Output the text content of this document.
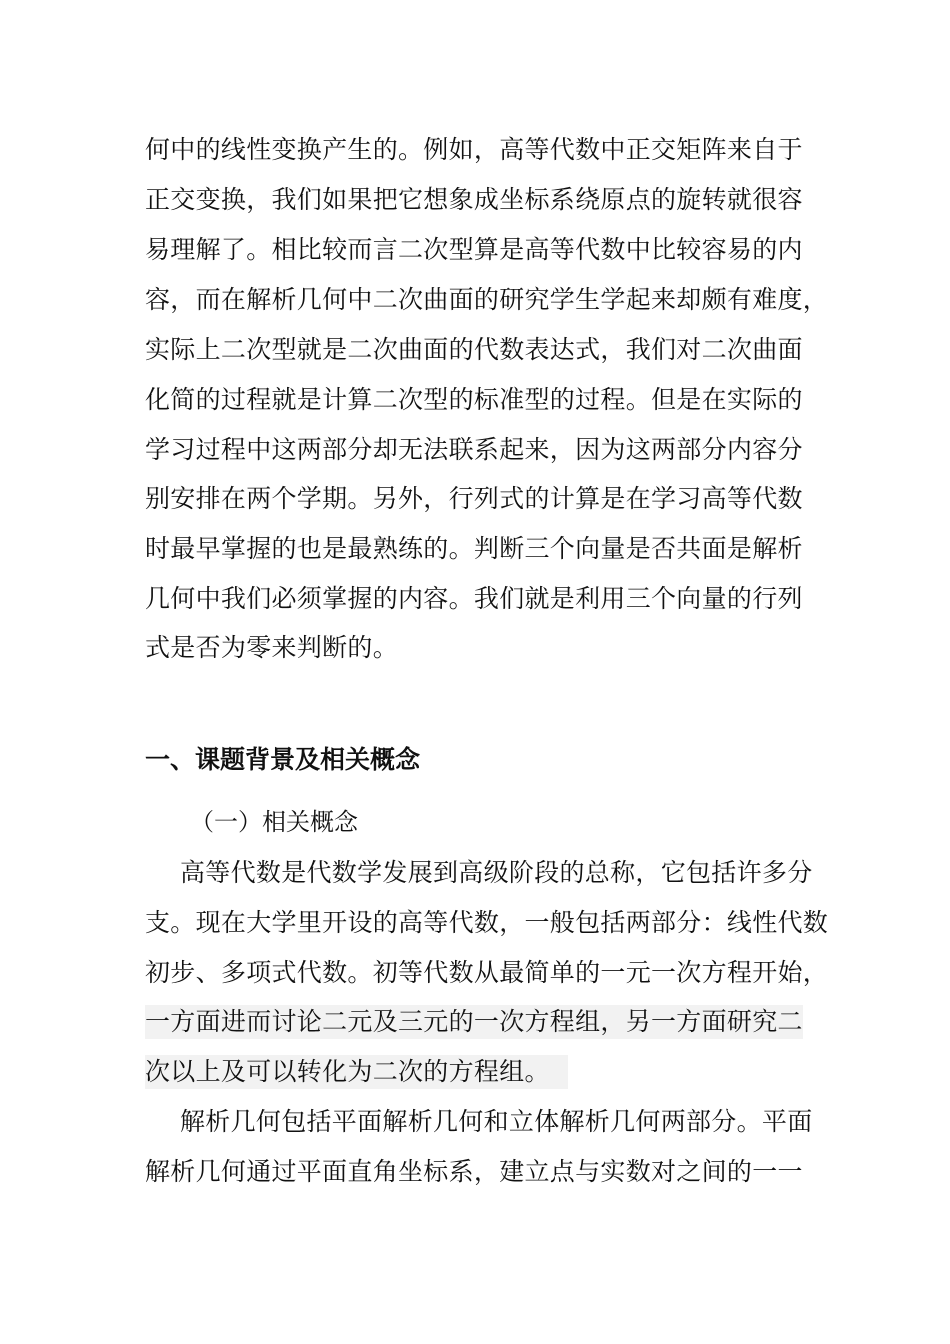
何中的线性变换产生的。例如，高等代数中正交矩阵来自于
正交变换，我们如果把它想象成坐标系绕原点的旋转就很容
易理解了。相比较而言二次型算是高等代数中比较容易的内
容，而在解析几何中二次曲面的研究学生学起来却颇有难度，
实际上二次型就是二次曲面的代数表达式，我们对二次曲面
化简的过程就是计算二次型的标准型的过程。但是在实际的
学习过程中这两部分却无法联系起来，因为这两部分内容分
别安排在两个学期。另外，行列式的计算是在学习高等代数
时最早掌握的也是最熟练的。判断三个向量是否共面是解析
几何中我们必须掌握的内容。我们就是利用三个向量的行列
式是否为零来判断的。
一、课题背景及相关概念
（一）相关概念
高等代数是代数学发展到高级阶段的总称，它包括许多分
支。现在大学里开设的高等代数，一般包括两部分：线性代数
初步、多项式代数。初等代数从最简单的一元一次方程开始，
一方面进而讨论二元及三元的一次方程组，另一方面研究二
次以上及可以转化为二次的方程组。
解析几何包括平面解析几何和立体解析几何两部分。平面
解析几何通过平面直角坐标系，建立点与实数对之间的一一
